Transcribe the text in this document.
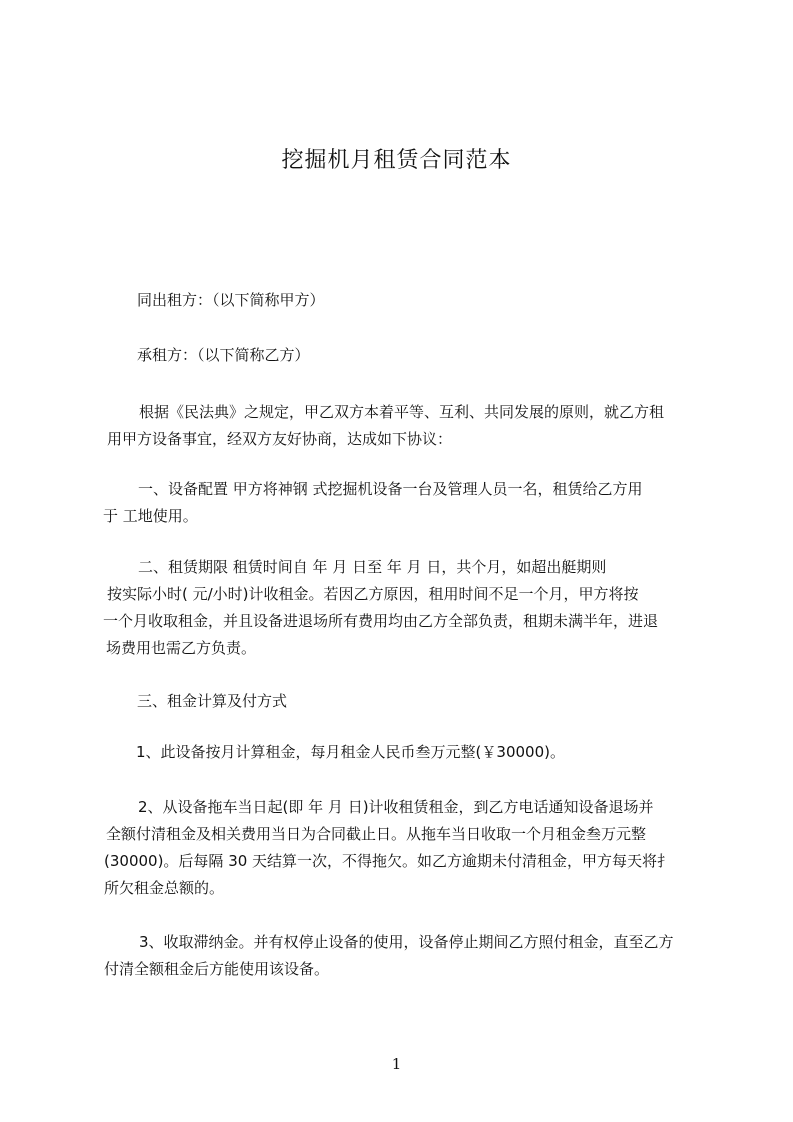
挖掘机月租赁合同范本
同出租方：（以下简称甲方）
承租方：（以下简称乙方）
根据《民法典》之规定，甲乙双方本着平等、互利、共同发展的原则，就乙方租
用甲方设备事宜，经双方友好协商，达成如下协议：
一、设备配置 甲方将神钢 式挖掘机设备一台及管理人员一名，租赁给乙方用
于 工地使用。
二、租赁期限 租赁时间自 年 月 日至 年 月 日，共个月，如超出艇期则
按实际小时( 元/小时)计收租金。若因乙方原因，租用时间不足一个月，甲方将按
一个月收取租金，并且设备进退场所有费用均由乙方全部负责，租期未满半年，进退
场费用也需乙方负责。
三、租金计算及付方式
1、此设备按月计算租金，每月租金人民币叁万元整(￥30000)。
2、从设备拖车当日起(即 年 月 日)计收租赁租金，到乙方电话通知设备退场并
全额付清租金及相关费用当日为合同截止日。从拖车当日收取一个月租金叁万元整
(30000)。后每隔 30 天结算一次，不得拖欠。如乙方逾期未付清租金，甲方每天将扌
所欠租金总额的。
3、收取滞纳金。并有权停止设备的使用，设备停止期间乙方照付租金，直至乙方
付清全额租金后方能使用该设备。
1
